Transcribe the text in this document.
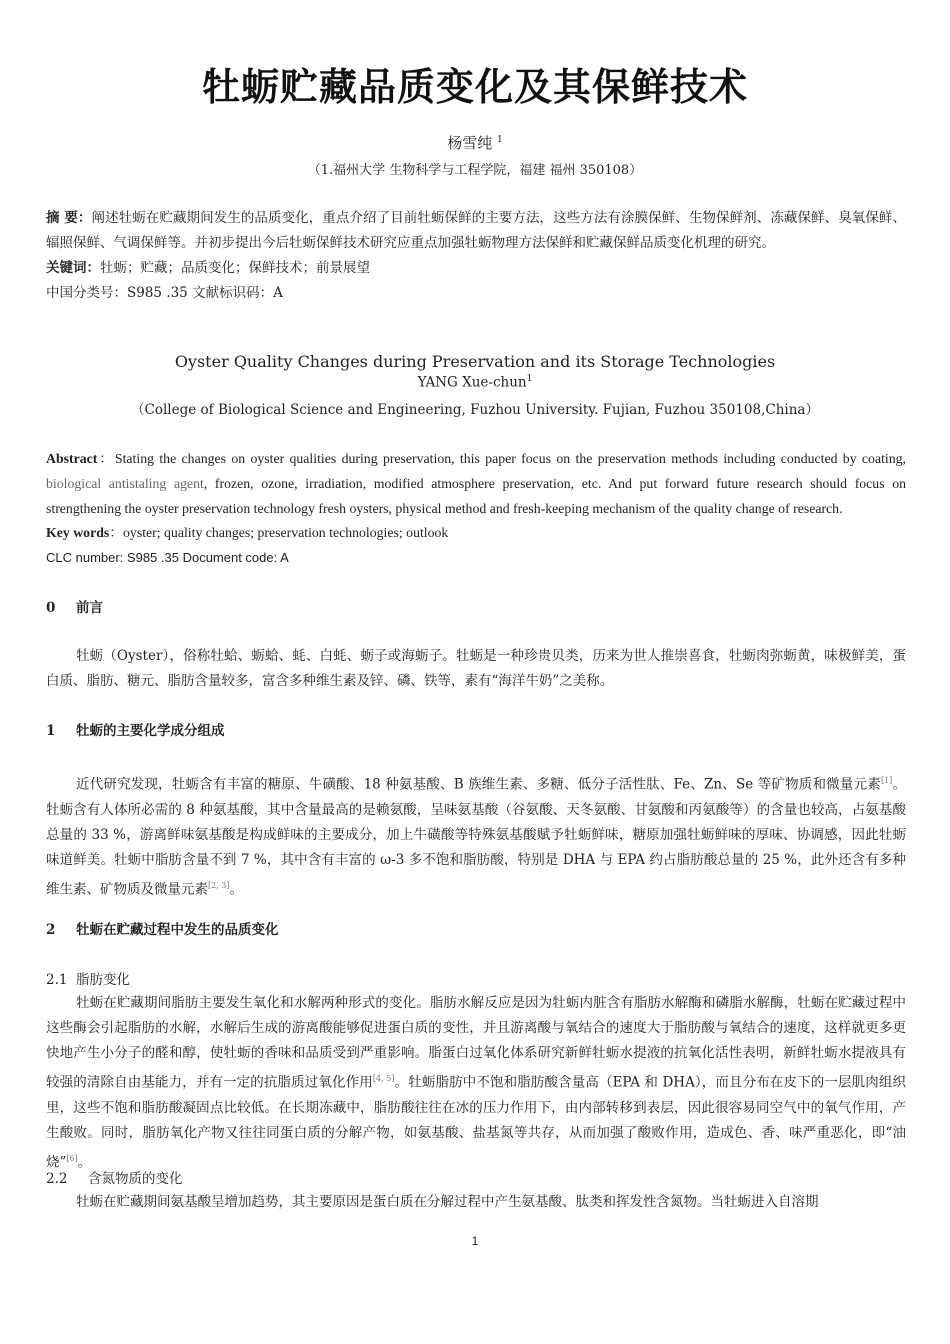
牡蛎贮藏品质变化及其保鲜技术
杨雪纯 $^1$
（1.福州大学 生物科学与工程学院，福建 福州 350108）
摘 要：阐述牡蛎在贮藏期间发生的品质变化，重点介绍了目前牡蛎保鲜的主要方法，这些方法有涂膜保鲜、生物保鲜剂、冻藏保鲜、臭氧保鲜、辐照保鲜、气调保鲜等。并初步提出今后牡蛎保鲜技术研究应重点加强牡蛎物理方法保鲜和贮藏保鲜品质变化机理的研究。
关键词：牡蛎；贮藏；品质变化；保鲜技术；前景展望
中国分类号：S985 .35 文献标识码：A
Oyster Quality Changes during Preservation and its Storage Technologies
YANG Xue-chun$^1$
（College of Biological Science and Engineering, Fuzhou University. Fujian, Fuzhou 350108,China）
Abstract：Stating the changes on oyster qualities during preservation, this paper focus on the preservation methods including conducted by coating, biological antistaling agent, frozen, ozone, irradiation, modified atmosphere preservation, etc. And put forward future research should focus on strengthening the oyster preservation technology fresh oysters, physical method and fresh-keeping mechanism of the quality change of research.
Key words：oyster; quality changes; preservation technologies; outlook
CLC number: S985 .35 Document code: A
0 前言
牡蛎（Oyster），俗称牡蛤、蛎蛤、蚝、白蚝、蛎子或海蛎子。牡蛎是一种珍贵贝类，历来为世人推崇喜食，牡蛎肉弥蛎黄，味极鲜美，蛋白质、脂肪、糖元、脂肪含量较多，富含多种维生素及锌、磷、铁等，素有“海洋牛奶”之美称。
1 牡蛎的主要化学成分组成
近代研究发现，牡蛎含有丰富的糖原、牛磺酸、18 种氨基酸、B 族维生素、多糖、低分子活性肽、Fe、Zn、Se 等矿物质和微量元素[1]。牡蛎含有人体所必需的 8 种氨基酸，其中含量最高的是赖氨酸，呈味氨基酸（谷氨酸、天冬氨酸、甘氨酸和丙氨酸等）的含量也较高，占氨基酸总量的 33 %，游离鲜味氨基酸是构成鲜味的主要成分，加上牛磺酸等特殊氨基酸赋予牡蛎鲜味，糖原加强牡蛎鲜味的厚味、协调感，因此牡蛎味道鲜美。牡蛎中脂肪含量不到 7 %，其中含有丰富的 ω-3 多不饱和脂肪酸，特别是 DHA 与 EPA 约占脂肪酸总量的 25 %，此外还含有多种维生素、矿物质及微量元素[2, 3]。
2 牡蛎在贮藏过程中发生的品质变化
2.1 脂肪变化
牡蛎在贮藏期间脂肪主要发生氧化和水解两种形式的变化。脂肪水解反应是因为牡蛎内脏含有脂肪水解酶和磷脂水解酶，牡蛎在贮藏过程中这些酶会引起脂肪的水解，水解后生成的游离酸能够促进蛋白质的变性，并且游离酸与氧结合的速度大于脂肪酸与氧结合的速度，这样就更多更快地产生小分子的醛和醇，使牡蛎的香味和品质受到严重影响。脂蛋白过氧化体系研究新鲜牡蛎水提液的抗氧化活性表明，新鲜牡蛎水提液具有较强的清除自由基能力，并有一定的抗脂质过氧化作用[4, 5]。牡蛎脂肪中不饱和脂肪酸含量高（EPA 和 DHA），而且分布在皮下的一层肌肉组织里，这些不饱和脂肪酸凝固点比较低。在长期冻藏中，脂肪酸往往在冰的压力作用下，由内部转移到表层，因此很容易同空气中的氧气作用，产生酸败。同时，脂肪氧化产物又往往同蛋白质的分解产物，如氨基酸、盐基氮等共存，从而加强了酸败作用，造成色、香、味严重恶化，即“油烧”[6]。
2.2 含氮物质的变化
牡蛎在贮藏期间氨基酸呈增加趋势，其主要原因是蛋白质在分解过程中产生氨基酸、肽类和挥发性含氮物。当牡蛎进入自溶期
1
